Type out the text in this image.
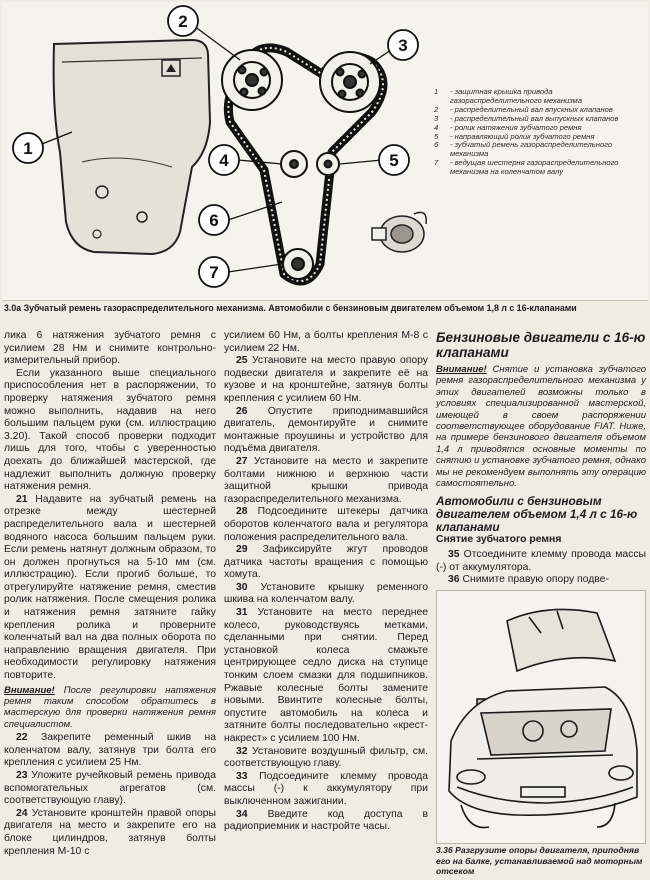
1
2
3
4	5
6
7
1	- защитная крышка привода газораспределительного механизма
2	- распределительный вал впускных клапанов
3	- распределительный вал выпускных клапанов
4	- ролик натяжения зубчатого ремня
5	- направляющий ролик зубчатого ремня
6	- зубчатый ремень газораспределительного механизма
7	- ведущая шестерня газораспределительного механизма на коленчатом валу
3.0a Зубчатый ремень газораспределительного механизма. Автомобили с бензиновым двигателем объемом 1,8 л с 16-клапанами

лика 6 натяжения зубчатого ремня с усилием 28 Нм и снимите контрольно-измерительный прибор.

Если указанного выше специального приспособления нет в распоряжении, то проверку натяжения зубчатого ремня можно выполнить, надавив на него большим пальцем руки (см. иллюстрацию 3.20). Такой способ проверки подходит лишь для того, чтобы с уверенностью доехать до ближайшей мастерской, где надлежит выполнить должную проверку натяжения ремня.

21 Надавите на зубчатый ремень на отрезке между шестерней распределительного вала и шестерней водяного насоса большим пальцем руки. Если ремень натянут должным образом, то он должен прогнуться на 5-10 мм (см. иллюстрацию). Если прогиб больше, то отрегулируйте натяжение ремня, сместив ролик натяжения. После смещения ролика и натяжения ремня затяните гайку крепления ролика и проверните коленчатый вал на два полных оборота по направлению вращения двигателя. При необходимости регулировку натяжения повторите.

Внимание! После регулировки натяжения ремня таким способом обратитесь в мастерскую для проверки натяжения ремня специалистом.

22 Закрепите ременный шкив на коленчатом валу, затянув три болта его крепления с усилием 25 Нм.

23 Уложите ручейковый ремень привода вспомогательных агрегатов (см. соответствующую главу).

24 Установите кронштейн правой опоры двигателя на место и закрепите его на блоке цилиндров, затянув болты крепления М-10 с

усилием 60 Нм, а болты крепления М-8 с усилием 22 Нм.

25 Установите на место правую опору подвески двигателя и закрепите её на кузове и на кронштейне, затянув болты крепления с усилием 60 Нм.

26 Опустите приподнимавшийся двигатель, демонтируйте и снимите монтажные проушины и устройство для подъёма двигателя.

27 Установите на место и закрепите болтами нижнюю и верхнюю части защитной крышки привода газораспределительного механизма.

28 Подсоедините штекеры датчика оборотов коленчатого вала и регулятора положения распределительного вала.

29 Зафиксируйте жгут проводов датчика частоты вращения с помощью хомута.

30 Установите крышку ременного шкива на коленчатом валу.

31 Установите на место переднее колесо, руководствуясь метками, сделанными при снятии. Перед установкой колеса смажьте центрирующее седло диска на ступице тонким слоем смазки для подшипников. Ржавые колесные болты замените новыми. Ввинтите колесные болты, опустите автомобиль на колеса и затяните болты последовательно «крест-накрест» с усилием 100 Нм.

32 Установите воздушный фильтр, см. соответствующую главу.

33 Подсоедините клемму провода массы (-) к аккумулятору при выключенном зажигании.

34 Введите код доступа в радиоприемник и настройте часы.

Бензиновые двигатели с 16-ю клапанами

Внимание! Снятие и установка зубчатого ремня газораспределительного механизма у этих двигателей возможны только в условиях специализированной мастерской, имеющей в своем распоряжении соответствующее оборудование FIAT. Ниже, на примере бензинового двигателя объемом 1,4 л приводятся основные моменты по снятию и установке зубчатого ремня, однако мы не рекомендуем выполнять эту операцию самостоятельно.

Автомобили с бензиновым двигателем объемом 1,4 л с 16-ю клапанами

Снятие зубчатого ремня

35 Отсоедините клемму провода массы (-) от аккумулятора.

36 Снимите правую опору подве-

3.36 Разгрузите опоры двигателя, приподняв его на балке, устанавливаемой над моторным отсеком
